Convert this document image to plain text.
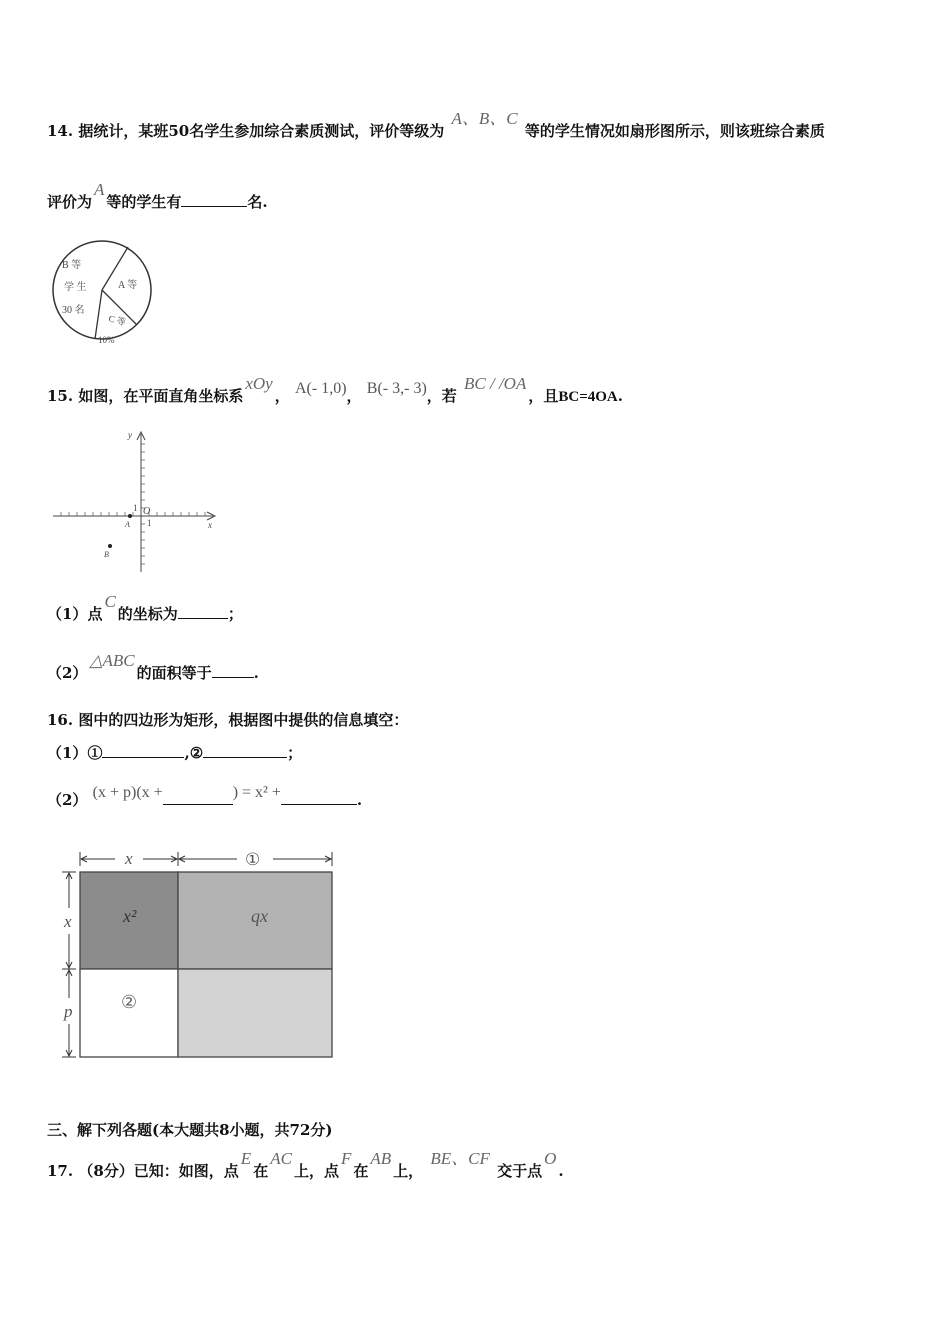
14. 据统计，某班50名学生参加综合素质测试，评价等级为 A、B、C 等的学生情况如扇形图所示，则该班综合素质
评价为A等的学生有	名.
B 等
学 生
30 名
A 等
C 等
10%
15. 如图，在平面直角坐标系xOy， A(- 1,0)， B(- 3,- 3)，若 BC / /OA，且BC=4OA.
y
x
1
1
O
A
B
（1）点C的坐标为	；
（2）△ABC的面积等于	.
16. 图中的四边形为矩形，根据图中提供的信息填空：
（1）①	,②	；
（2） (x + p)(x +	) = x² +	.
x	①
x
p
x²	qx
②
三、解下列各题(本大题共8小题，共72分)
17. （8分）已知：如图，点E在AC上，点F在AB上， BE、CF 交于点O.
